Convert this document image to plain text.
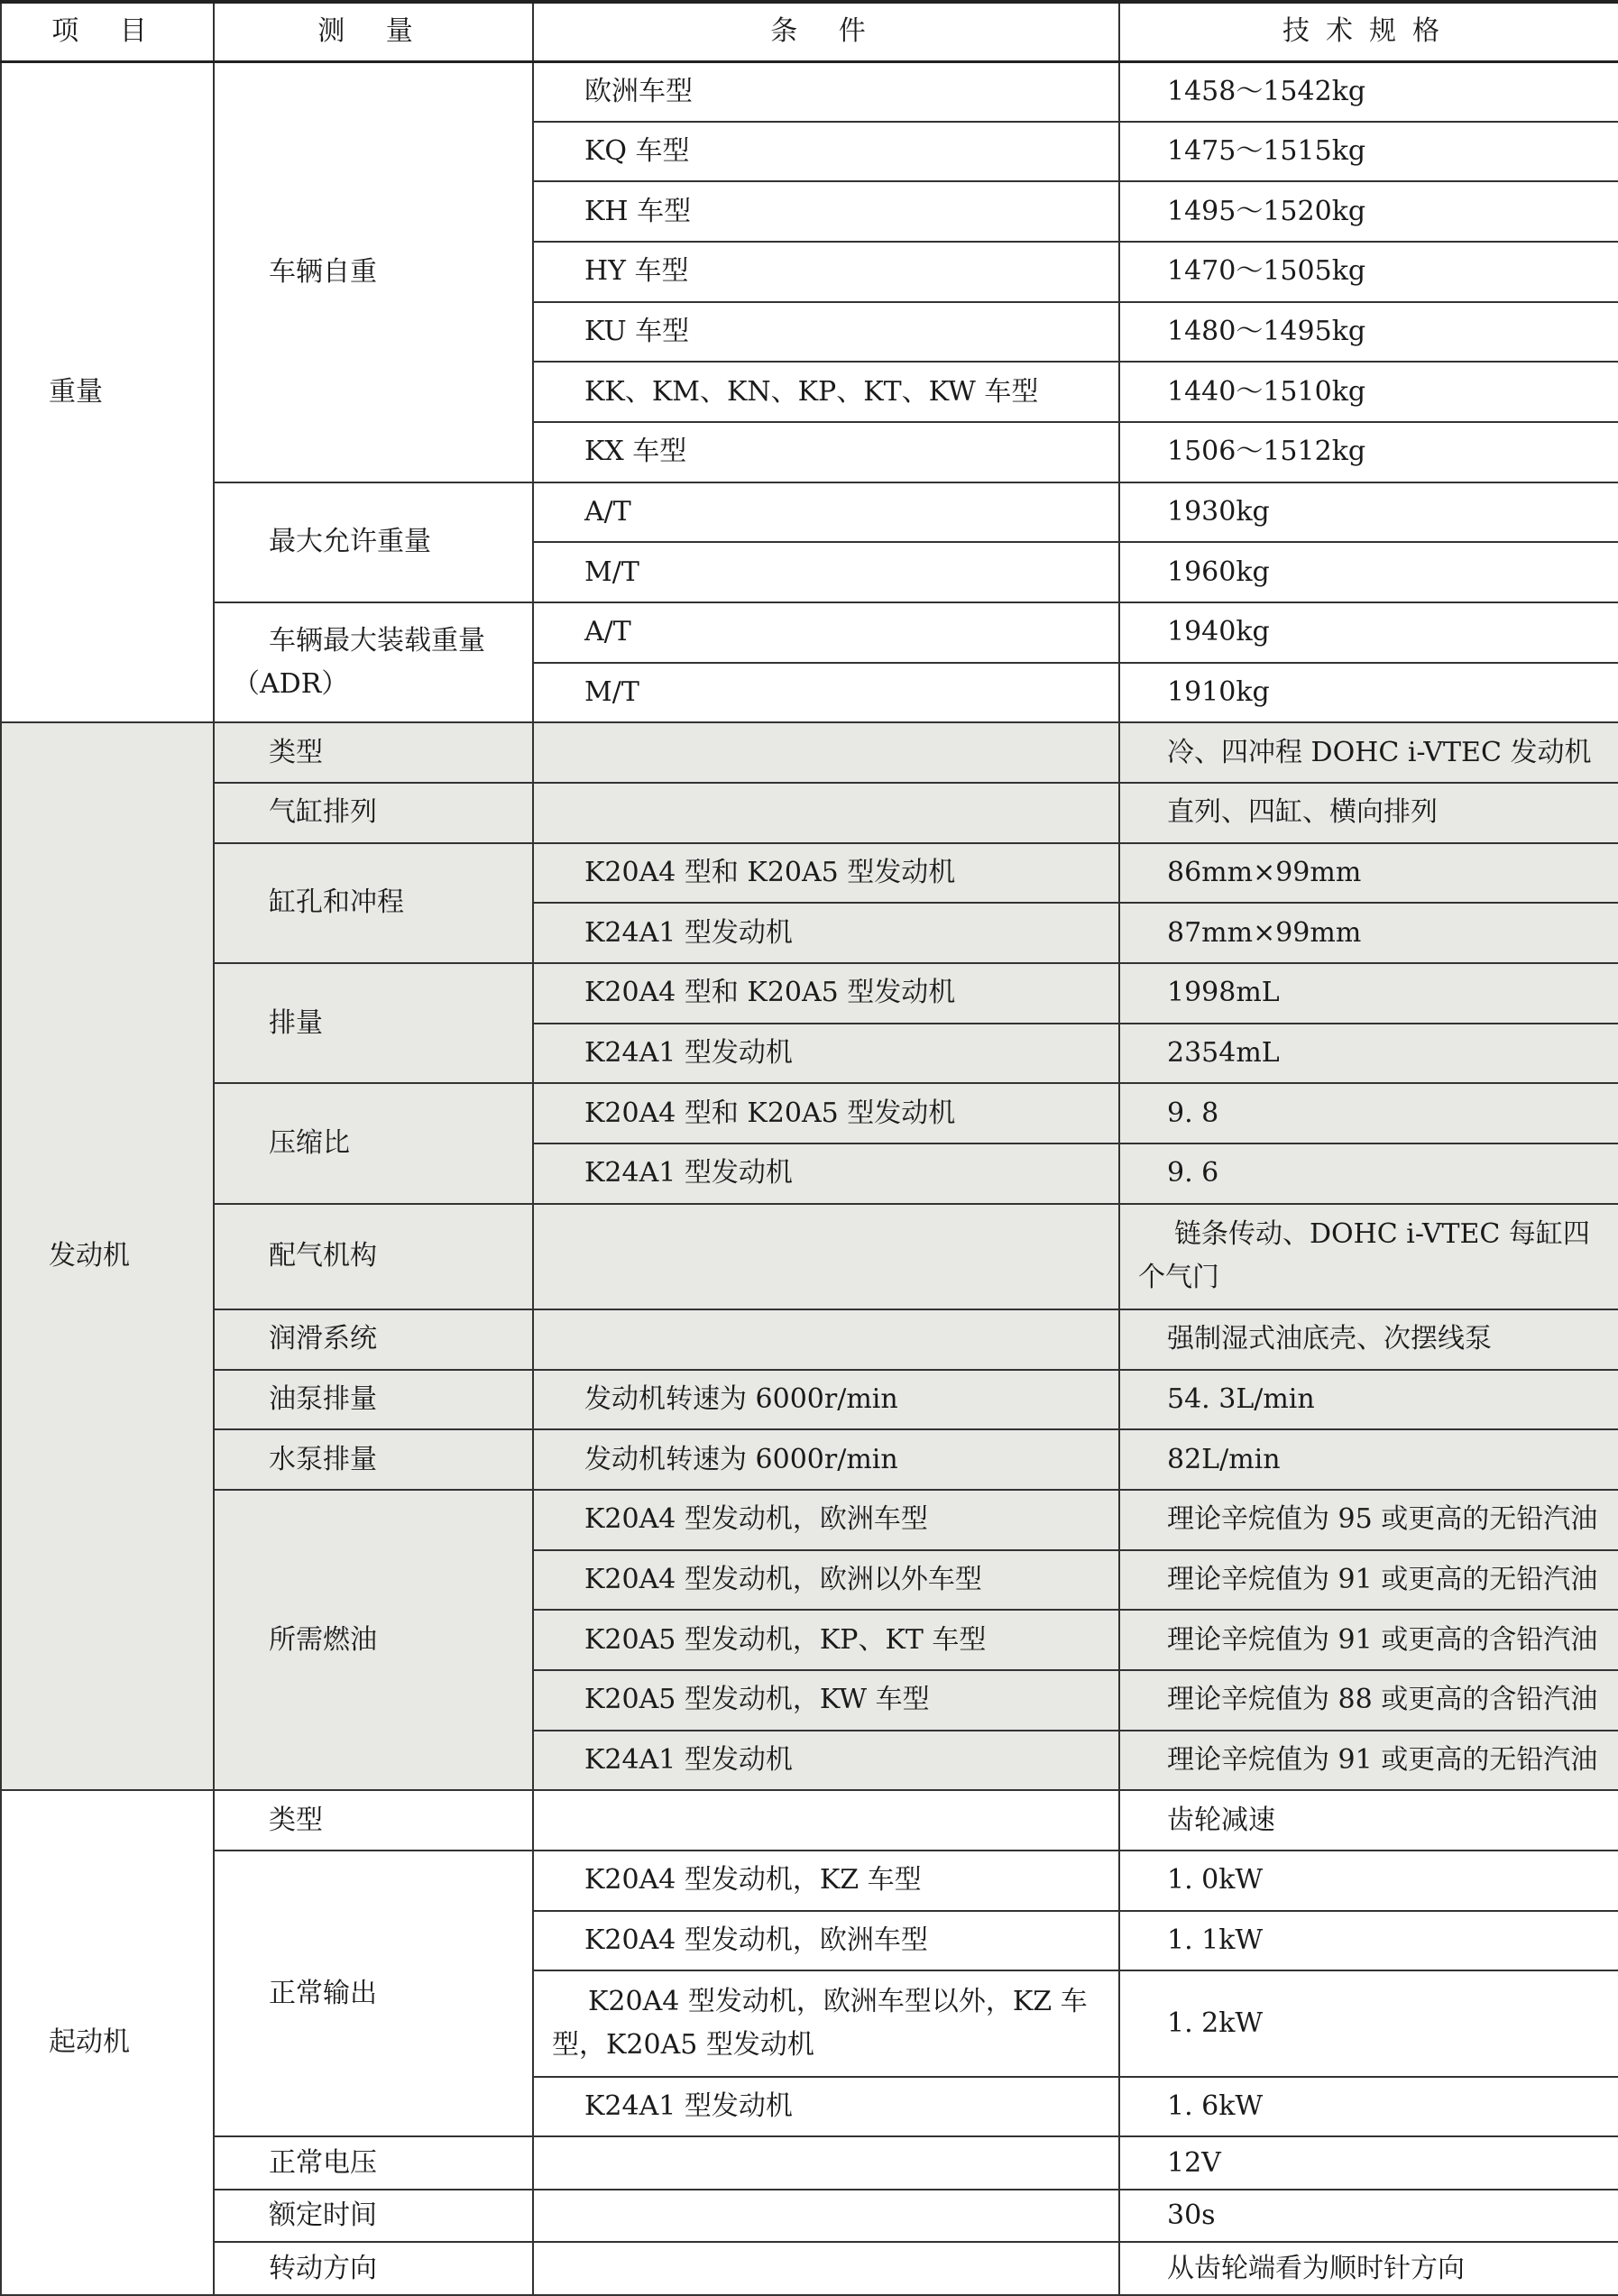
项 目	测 量	条 件	技术规格
重量	车辆自重	欧洲车型	1458～1542kg
		KQ 车型	1475～1515kg
		KH 车型	1495～1520kg
		HY 车型	1470～1505kg
		KU 车型	1480～1495kg
		KK、KM、KN、KP、KT、KW 车型	1440～1510kg
		KX 车型	1506～1512kg
	最大允许重量	A/T	1930kg
		M/T	1960kg
	车辆最大装载重量（ADR）	A/T	1940kg
		M/T	1910kg
发动机	类型		冷、四冲程 DOHC i-VTEC 发动机
	气缸排列		直列、四缸、横向排列
	缸孔和冲程	K20A4 型和 K20A5 型发动机	86mm×99mm
		K24A1 型发动机	87mm×99mm
	排量	K20A4 型和 K20A5 型发动机	1998mL
		K24A1 型发动机	2354mL
	压缩比	K20A4 型和 K20A5 型发动机	9. 8
		K24A1 型发动机	9. 6
	配气机构		链条传动、DOHC i-VTEC 每缸四个气门
	润滑系统		强制湿式油底壳、次摆线泵
	油泵排量	发动机转速为 6000r/min	54. 3L/min
	水泵排量	发动机转速为 6000r/min	82L/min
	所需燃油	K20A4 型发动机，欧洲车型	理论辛烷值为 95 或更高的无铅汽油
		K20A4 型发动机，欧洲以外车型	理论辛烷值为 91 或更高的无铅汽油
		K20A5 型发动机，KP、KT 车型	理论辛烷值为 91 或更高的含铅汽油
		K20A5 型发动机，KW 车型	理论辛烷值为 88 或更高的含铅汽油
		K24A1 型发动机	理论辛烷值为 91 或更高的无铅汽油
起动机	类型		齿轮减速
	正常输出	K20A4 型发动机，KZ 车型	1. 0kW
		K20A4 型发动机，欧洲车型	1. 1kW
		K20A4 型发动机，欧洲车型以外，KZ 车型，K20A5 型发动机	1. 2kW
		K24A1 型发动机	1. 6kW
	正常电压		12V
	额定时间		30s
	转动方向		从齿轮端看为顺时针方向
